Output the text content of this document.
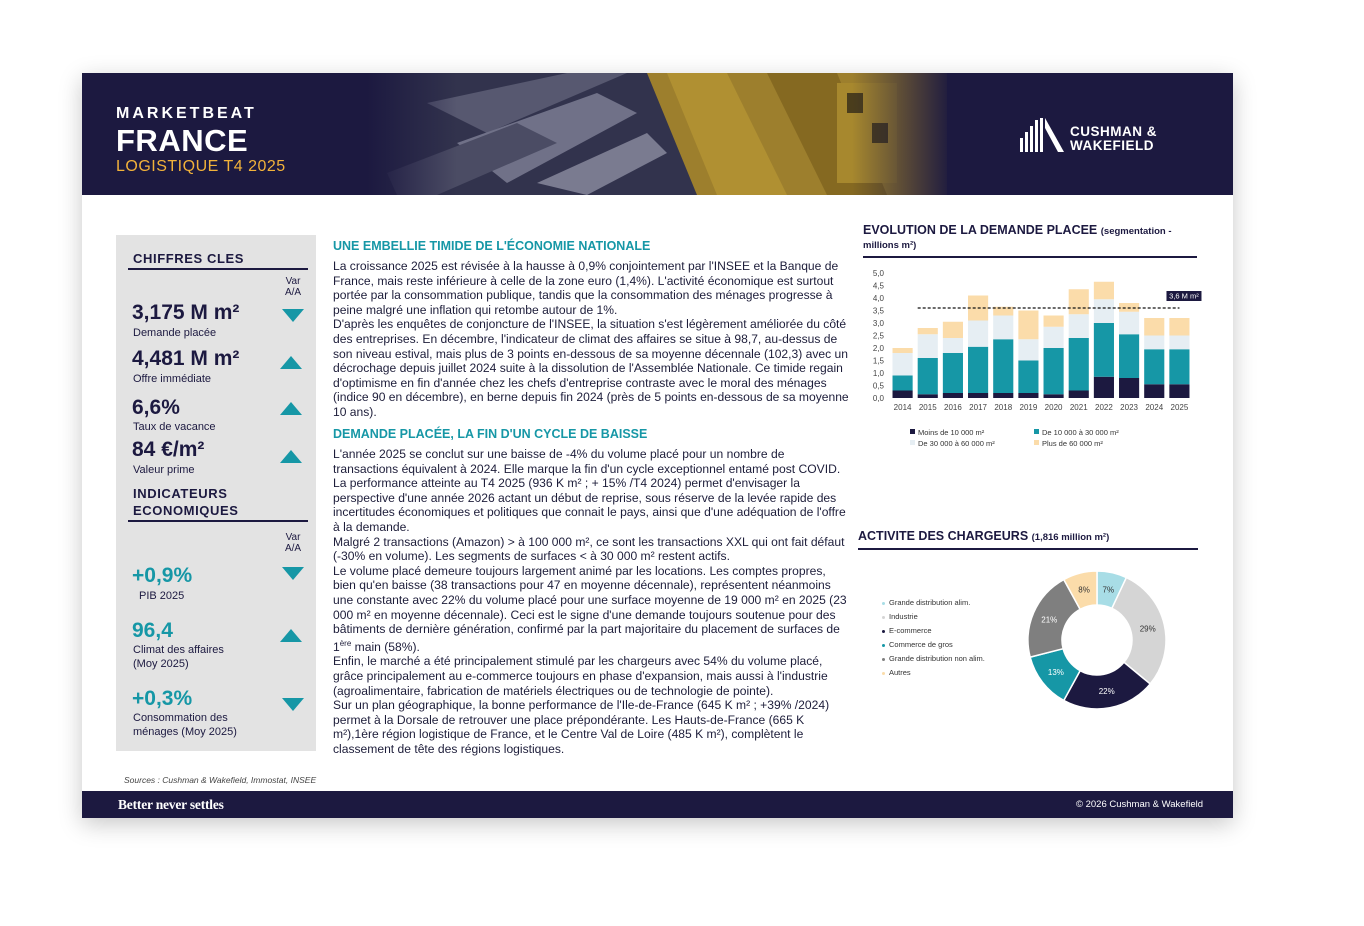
MARKETBEAT
FRANCE
LOGISTIQUE T4 2025
CUSHMAN &
WAKEFIELD
CHIFFRES CLES
Var
A/A
3,175 M m²
Demande placée
4,481 M m²
Offre immédiate
6,6%
Taux de vacance
84 €/m²
Valeur prime
INDICATEURS
ECONOMIQUES
Var
A/A
+0,9%
PIB 2025
96,4
Climat des affaires
(Moy 2025)
+0,3%
Consommation des
ménages (Moy 2025)
UNE EMBELLIE TIMIDE DE L'ÉCONOMIE NATIONALE

La croissance 2025 est révisée à la hausse à 0,9% conjointement par l'INSEE et la Banque de France, mais reste inférieure à celle de la zone euro (1,4%). L'activité économique est surtout portée par la consommation publique, tandis que la consommation des ménages progresse à peine malgré une inflation qui retombe autour de 1%.

D'après les enquêtes de conjoncture de l'INSEE, la situation s'est légèrement améliorée du côté des entreprises. En décembre, l'indicateur de climat des affaires se situe à 98,7, au-dessus de son niveau estival, mais plus de 3 points en-dessous de sa moyenne décennale (102,3) avec un décrochage depuis juillet 2024 suite à la dissolution de l'Assemblée Nationale. Ce timide regain d'optimisme en fin d'année chez les chefs d'entreprise contraste avec le moral des ménages (indice 90 en décembre), en berne depuis fin 2024 (près de 5 points en-dessous de sa moyenne 10 ans).

DEMANDE PLACÉE, LA FIN D'UN CYCLE DE BAISSE

L'année 2025 se conclut sur une baisse de -4% du volume placé pour un nombre de transactions équivalent à 2024. Elle marque la fin d'un cycle exceptionnel entamé post COVID. La performance atteinte au T4 2025 (936 K m² ; + 15% /T4 2024) permet d'envisager la perspective d'une année 2026 actant un début de reprise, sous réserve de la levée rapide des incertitudes économiques et politiques que connait le pays, ainsi que d'une adéquation de l'offre à la demande.

Malgré 2 transactions (Amazon) > à 100 000 m², ce sont les transactions XXL qui ont fait défaut (-30% en volume). Les segments de surfaces < à 30 000 m² restent actifs.

Le volume placé demeure toujours largement animé par les locations. Les comptes propres, bien qu'en baisse (38 transactions pour 47 en moyenne décennale), représentent néanmoins une constante avec 22% du volume placé pour une surface moyenne de 19 000 m² en 2025 (23 000 m² en moyenne décennale). Ceci est le signe d'une demande toujours soutenue pour des bâtiments de dernière génération, confirmé par la part majoritaire du placement de surfaces de 1ère main (58%).

Enfin, le marché a été principalement stimulé par les chargeurs avec 54% du volume placé, grâce principalement au e-commerce toujours en phase d'expansion, mais aussi à l'industrie (agroalimentaire, fabrication de matériels électriques ou de technologie de pointe).

Sur un plan géographique, la bonne performance de l'Ile-de-France (645 K m² ; +39% /2024) permet à la Dorsale de retrouver une place prépondérante. Les Hauts-de-France (665 K m²),1ère région logistique de France, et le Centre Val de Loire (485 K m²), complètent le classement de tête des régions logistiques.

EVOLUTION DE LA DEMANDE PLACEE (segmentation -
millions m²)
0,0
0,5
1,0
1,5
2,0
2,5
3,0
3,5
4,0
4,5
5,0
2014 2015 2016 2017 2018 2019 2020 2021 2022 2023 2024 2025
3,6 M m²
Moins de 10 000 m²	De 10 000 à 30 000 m²
De 30 000 à 60 000 m²	Plus de 60 000 m²
ACTIVITE DES CHARGEURS (1,816 million m²)
Grande distribution alim.
Industrie
E-commerce
Commerce de gros
Grande distribution non alim.
Autres
7%
29%
22%
13%
21%
8%
Sources : Cushman & Wakefield, Immostat, INSEE
Better never settles	© 2026 Cushman & Wakefield
